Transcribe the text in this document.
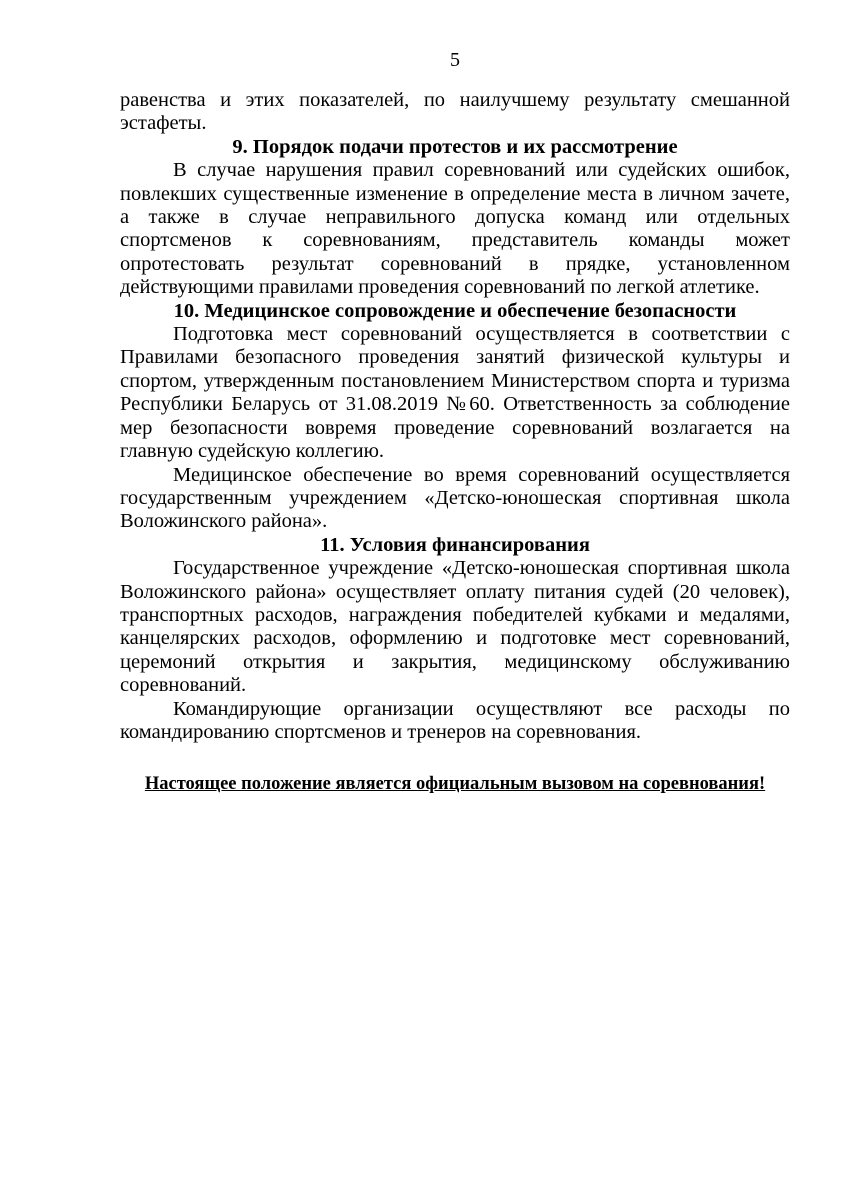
5

равенства и этих показателей, по наилучшему результату смешанной эстафеты.

9. Порядок подачи протестов и их рассмотрение

В случае нарушения правил соревнований или судейских ошибок, повлекших существенные изменение в определение места в личном зачете, а также в случае неправильного допуска команд или отдельных спортсменов к соревнованиям, представитель команды может опротестовать результат соревнований в прядке, установленном действующими правилами проведения соревнований по легкой атлетике.

10. Медицинское сопровождение и обеспечение безопасности

Подготовка мест соревнований осуществляется в соответствии с Правилами безопасного проведения занятий физической культуры и спортом, утвержденным постановлением Министерством спорта и туризма Республики Беларусь от 31.08.2019 №60. Ответственность за соблюдение мер безопасности вовремя проведение соревнований возлагается на главную судейскую коллегию.

Медицинское обеспечение во время соревнований осуществляется государственным учреждением «Детско-юношеская спортивная школа Воложинского района».

11. Условия финансирования

Государственное учреждение «Детско-юношеская спортивная школа Воложинского района» осуществляет оплату питания судей (20 человек), транспортных расходов, награждения победителей кубками и медалями, канцелярских расходов, оформлению и подготовке мест соревнований, церемоний открытия и закрытия, медицинскому обслуживанию соревнований.

Командирующие организации осуществляют все расходы по командированию спортсменов и тренеров на соревнования.

Настоящее положение является официальным вызовом на соревнования!
